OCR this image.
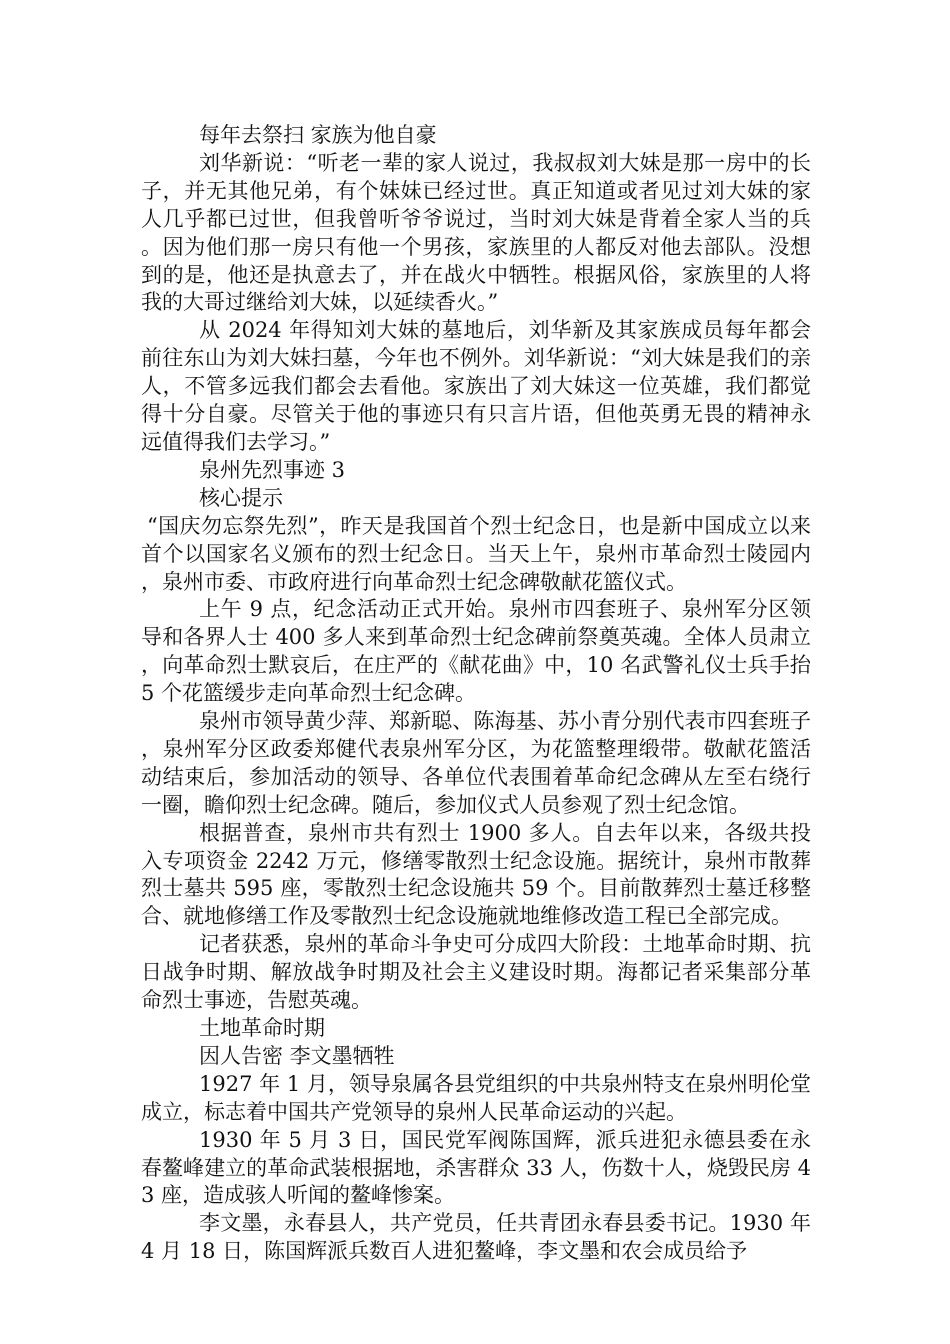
每年去祭扫 家族为他自豪

刘华新说：“听老一辈的家人说过，我叔叔刘大妹是那一房中的长子，并无其他兄弟，有个妹妹已经过世。真正知道或者见过刘大妹的家人几乎都已过世，但我曾听爷爷说过，当时刘大妹是背着全家人当的兵。因为他们那一房只有他一个男孩，家族里的人都反对他去部队。没想到的是，他还是执意去了，并在战火中牺牲。根据风俗，家族里的人将我的大哥过继给刘大妹，以延续香火。”

从 2024 年得知刘大妹的墓地后，刘华新及其家族成员每年都会前往东山为刘大妹扫墓，今年也不例外。刘华新说：“刘大妹是我们的亲人，不管多远我们都会去看他。家族出了刘大妹这一位英雄，我们都觉得十分自豪。尽管关于他的事迹只有只言片语，但他英勇无畏的精神永远值得我们去学习。”

泉州先烈事迹 3

核心提示

“国庆勿忘祭先烈”，昨天是我国首个烈士纪念日，也是新中国成立以来首个以国家名义颁布的烈士纪念日。当天上午，泉州市革命烈士陵园内，泉州市委、市政府进行向革命烈士纪念碑敬献花篮仪式。

上午 9 点，纪念活动正式开始。泉州市四套班子、泉州军分区领导和各界人士 400 多人来到革命烈士纪念碑前祭奠英魂。全体人员肃立，向革命烈士默哀后，在庄严的《献花曲》中，10 名武警礼仪士兵手抬 5 个花篮缓步走向革命烈士纪念碑。

泉州市领导黄少萍、郑新聪、陈海基、苏小青分别代表市四套班子，泉州军分区政委郑健代表泉州军分区，为花篮整理缎带。敬献花篮活动结束后，参加活动的领导、各单位代表围着革命纪念碑从左至右绕行一圈，瞻仰烈士纪念碑。随后，参加仪式人员参观了烈士纪念馆。

根据普查，泉州市共有烈士 1900 多人。自去年以来，各级共投入专项资金 2242 万元，修缮零散烈士纪念设施。据统计，泉州市散葬烈士墓共 595 座，零散烈士纪念设施共 59 个。目前散葬烈士墓迁移整合、就地修缮工作及零散烈士纪念设施就地维修改造工程已全部完成。

记者获悉，泉州的革命斗争史可分成四大阶段：土地革命时期、抗日战争时期、解放战争时期及社会主义建设时期。海都记者采集部分革命烈士事迹，告慰英魂。

土地革命时期

因人告密 李文墨牺牲

1927 年 1 月，领导泉属各县党组织的中共泉州特支在泉州明伦堂成立，标志着中国共产党领导的泉州人民革命运动的兴起。

1930 年 5 月 3 日，国民党军阀陈国辉，派兵进犯永德县委在永春鳌峰建立的革命武装根据地，杀害群众 33 人，伤数十人，烧毁民房 43 座，造成骇人听闻的鳌峰惨案。

李文墨，永春县人，共产党员，任共青团永春县委书记。1930 年 4 月 18 日，陈国辉派兵数百人进犯鳌峰，李文墨和农会成员给予
